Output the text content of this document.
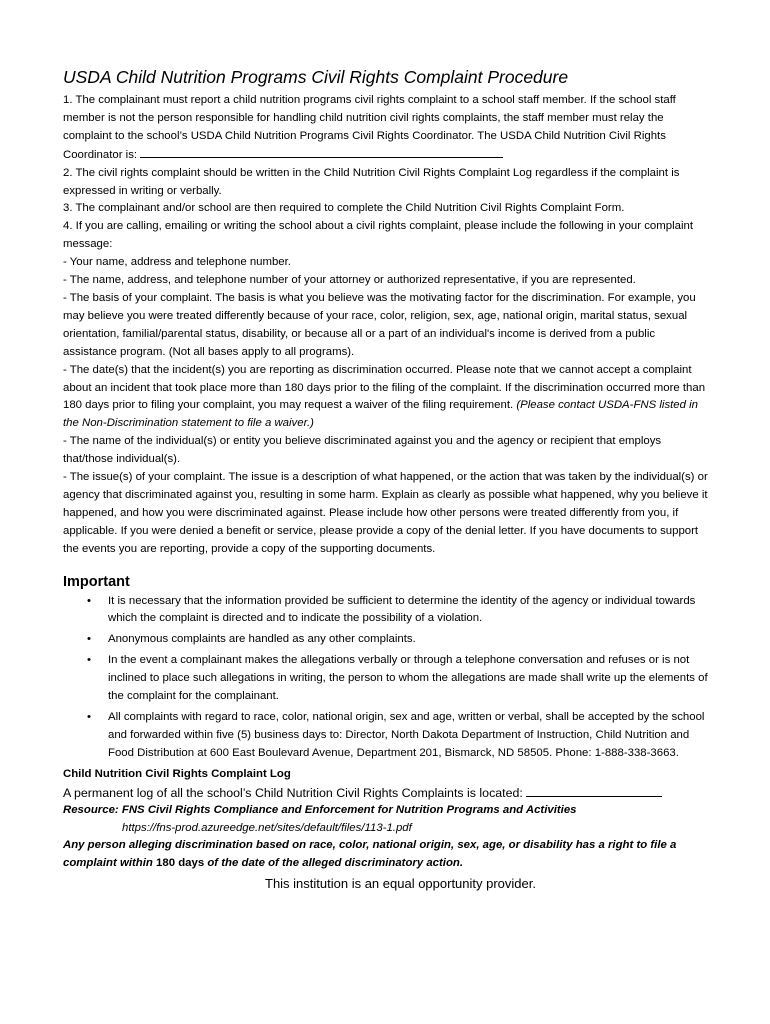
USDA Child Nutrition Programs Civil Rights Complaint Procedure

1. The complainant must report a child nutrition programs civil rights complaint to a school staff member. If the school staff member is not the person responsible for handling child nutrition civil rights complaints, the staff member must relay the complaint to the school’s USDA Child Nutrition Programs Civil Rights Coordinator. The USDA Child Nutrition Civil Rights Coordinator is:

2. The civil rights complaint should be written in the Child Nutrition Civil Rights Complaint Log regardless if the complaint is expressed in writing or verbally.

3. The complainant and/or school are then required to complete the Child Nutrition Civil Rights Complaint Form.

4. If you are calling, emailing or writing the school about a civil rights complaint, please include the following in your complaint message:

- Your name, address and telephone number.

- The name, address, and telephone number of your attorney or authorized representative, if you are represented.

- The basis of your complaint. The basis is what you believe was the motivating factor for the discrimination. For example, you may believe you were treated differently because of your race, color, religion, sex, age, national origin, marital status, sexual orientation, familial/parental status, disability, or because all or a part of an individual's income is derived from a public assistance program. (Not all bases apply to all programs).

- The date(s) that the incident(s) you are reporting as discrimination occurred. Please note that we cannot accept a complaint about an incident that took place more than 180 days prior to the filing of the complaint. If the discrimination occurred more than 180 days prior to filing your complaint, you may request a waiver of the filing requirement. (Please contact USDA-FNS listed in the Non-Discrimination statement to file a waiver.)

- The name of the individual(s) or entity you believe discriminated against you and the agency or recipient that employs that/those individual(s).

- The issue(s) of your complaint. The issue is a description of what happened, or the action that was taken by the individual(s) or agency that discriminated against you, resulting in some harm. Explain as clearly as possible what happened, why you believe it happened, and how you were discriminated against. Please include how other persons were treated differently from you, if applicable. If you were denied a benefit or service, please provide a copy of the denial letter. If you have documents to support the events you are reporting, provide a copy of the supporting documents.

Important
• It is necessary that the information provided be sufficient to determine the identity of the agency or individual towards which the complaint is directed and to indicate the possibility of a violation.
• Anonymous complaints are handled as any other complaints.
• In the event a complainant makes the allegations verbally or through a telephone conversation and refuses or is not inclined to place such allegations in writing, the person to whom the allegations are made shall write up the elements of the complaint for the complainant.
• All complaints with regard to race, color, national origin, sex and age, written or verbal, shall be accepted by the school and forwarded within five (5) business days to: Director, North Dakota Department of Instruction, Child Nutrition and Food Distribution at 600 East Boulevard Avenue, Department 201, Bismarck, ND 58505. Phone: 1-888-338-3663.

Child Nutrition Civil Rights Complaint Log

A permanent log of all the school’s Child Nutrition Civil Rights Complaints is located:

Resource: FNS Civil Rights Compliance and Enforcement for Nutrition Programs and Activities

https://fns-prod.azureedge.net/sites/default/files/113-1.pdf

Any person alleging discrimination based on race, color, national origin, sex, age, or disability has a right to file a complaint within 180 days of the date of the alleged discriminatory action.

This institution is an equal opportunity provider.
